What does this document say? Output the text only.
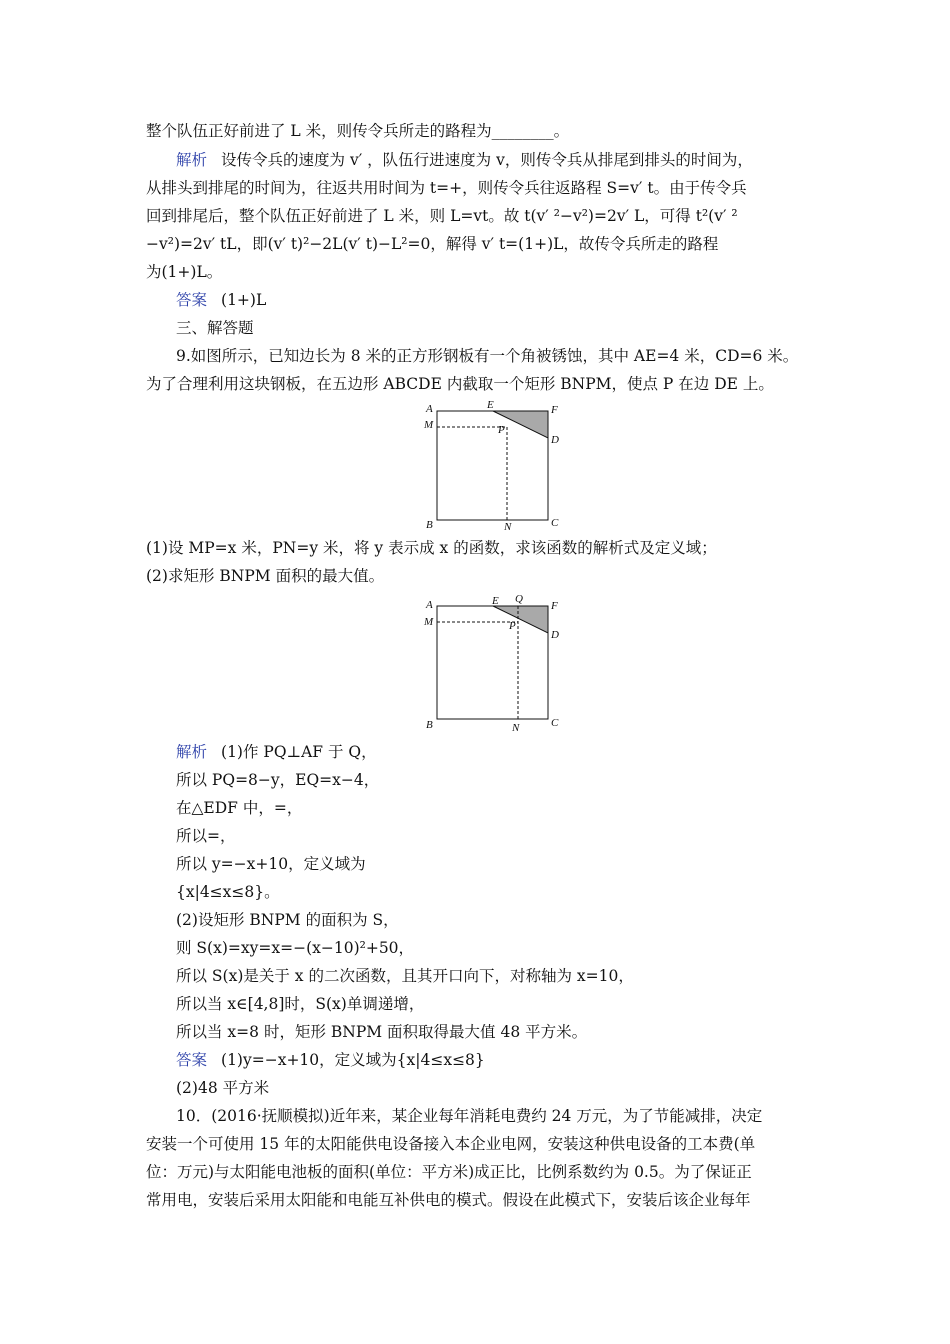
整个队伍正好前进了 L 米，则传令兵所走的路程为________。
解析 设传令兵的速度为 v′ ，队伍行进速度为 v，则传令兵从排尾到排头的时间为，
从排头到排尾的时间为，往返共用时间为 t=+，则传令兵往返路程 S=v′ t。由于传令兵
回到排尾后，整个队伍正好前进了 L 米，则 L=vt。故 t(v′ ²−v²)=2v′ L，可得 t²(v′ ²
−v²)=2v′ tL，即(v′ t)²−2L(v′ t)−L²=0，解得 v′ t=(1+)L，故传令兵所走的路程
为(1+)L。
答案 (1+)L
三、解答题
9.如图所示，已知边长为 8 米的正方形钢板有一个角被锈蚀，其中 AE=4 米，CD=6 米。
为了合理利用这块钢板，在五边形 ABCDE 内截取一个矩形 BNPM，使点 P 在边 DE 上。
A	E	F
M	P
D
B	N	C
(1)设 MP=x 米，PN=y 米，将 y 表示成 x 的函数，求该函数的解析式及定义域；
(2)求矩形 BNPM 面积的最大值。
A	E Q
F
M	P
D
B	N	C
解析 (1)作 PQ⊥AF 于 Q，
所以 PQ=8−y，EQ=x−4，
在△EDF 中，=，
所以=，
所以 y=−x+10，定义域为
{x|4≤x≤8}。
(2)设矩形 BNPM 的面积为 S，
则 S(x)=xy=x=−(x−10)²+50，
所以 S(x)是关于 x 的二次函数，且其开口向下，对称轴为 x=10，
所以当 x∈[4,8]时，S(x)单调递增，
所以当 x=8 时，矩形 BNPM 面积取得最大值 48 平方米。
答案 (1)y=−x+10，定义域为{x|4≤x≤8}
(2)48 平方米
10．(2016·抚顺模拟)近年来，某企业每年消耗电费约 24 万元，为了节能减排，决定
安装一个可使用 15 年的太阳能供电设备接入本企业电网，安装这种供电设备的工本费(单
位：万元)与太阳能电池板的面积(单位：平方米)成正比，比例系数约为 0.5。为了保证正
常用电，安装后采用太阳能和电能互补供电的模式。假设在此模式下，安装后该企业每年
